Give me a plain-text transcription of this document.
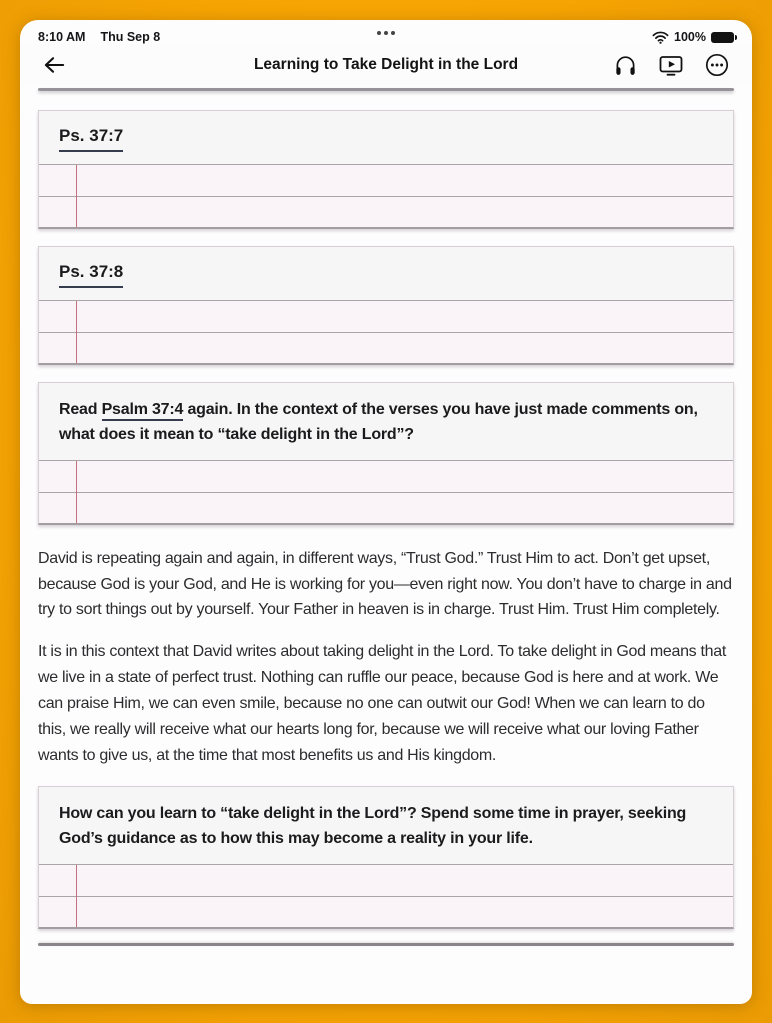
8:10 AM Thu Sep 8	100%
Learning to Take Delight in the Lord
Ps. 37:7
Ps. 37:8
Read Psalm 37:4 again. In the context of the verses you have just made comments on, what does it mean to “take delight in the Lord”?

David is repeating again and again, in different ways, “Trust God.” Trust Him to act. Don’t get upset, because God is your God, and He is working for you—even right now. You don’t have to charge in and try to sort things out by yourself. Your Father in heaven is in charge. Trust Him. Trust Him completely.

It is in this context that David writes about taking delight in the Lord. To take delight in God means that we live in a state of perfect trust. Nothing can ruffle our peace, because God is here and at work. We can praise Him, we can even smile, because no one can outwit our God! When we can learn to do this, we really will receive what our hearts long for, because we will receive what our loving Father wants to give us, at the time that most benefits us and His kingdom.

How can you learn to “take delight in the Lord”? Spend some time in prayer, seeking God’s guidance as to how this may become a reality in your life.
